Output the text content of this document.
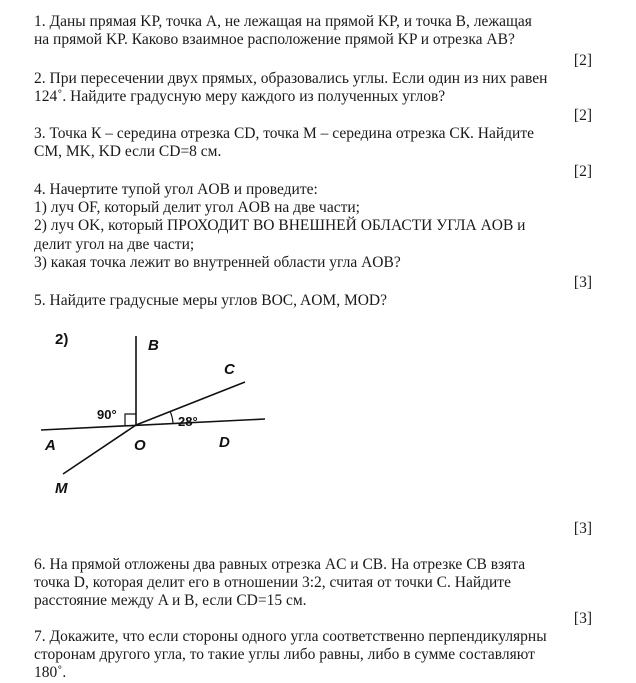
1. Даны прямая KP, точка A, не лежащая на прямой KP, и точка B, лежащая
на прямой KP. Каково взаимное расположение прямой KP и отрезка AB?

[2]

2. При пересечении двух прямых, образовались углы. Если один из них равен
124˚. Найдите градусную меру каждого из полученных углов?

[2]

3. Точка К – середина отрезка CD, точка М – середина отрезка СК. Найдите
CM, MK, KD если CD=8 см.

[2]

4. Начертите тупой угол AOB и проведите:
1) луч OF, который делит угол AOB на две части;
2) луч OK, который ПРОХОДИТ ВО ВНЕШНЕЙ ОБЛАСТИ УГЛА AOB и
делит угол на две части;
3) какая точка лежит во внутренней области угла AOB?

[3]

5. Найдите градусные меры углов BOC, AOM, MOD?

2)	B
C
A	O	D
M
90°	28°
[3]

6. На прямой отложены два равных отрезка AC и CB. На отрезке CB взята
точка D, которая делит его в отношении 3:2, считая от точки C. Найдите
расстояние между A и B, если CD=15 см.

[3]

7. Докажите, что если стороны одного угла соответственно перпендикулярны
сторонам другого угла, то такие углы либо равны, либо в сумме составляют
180˚.
